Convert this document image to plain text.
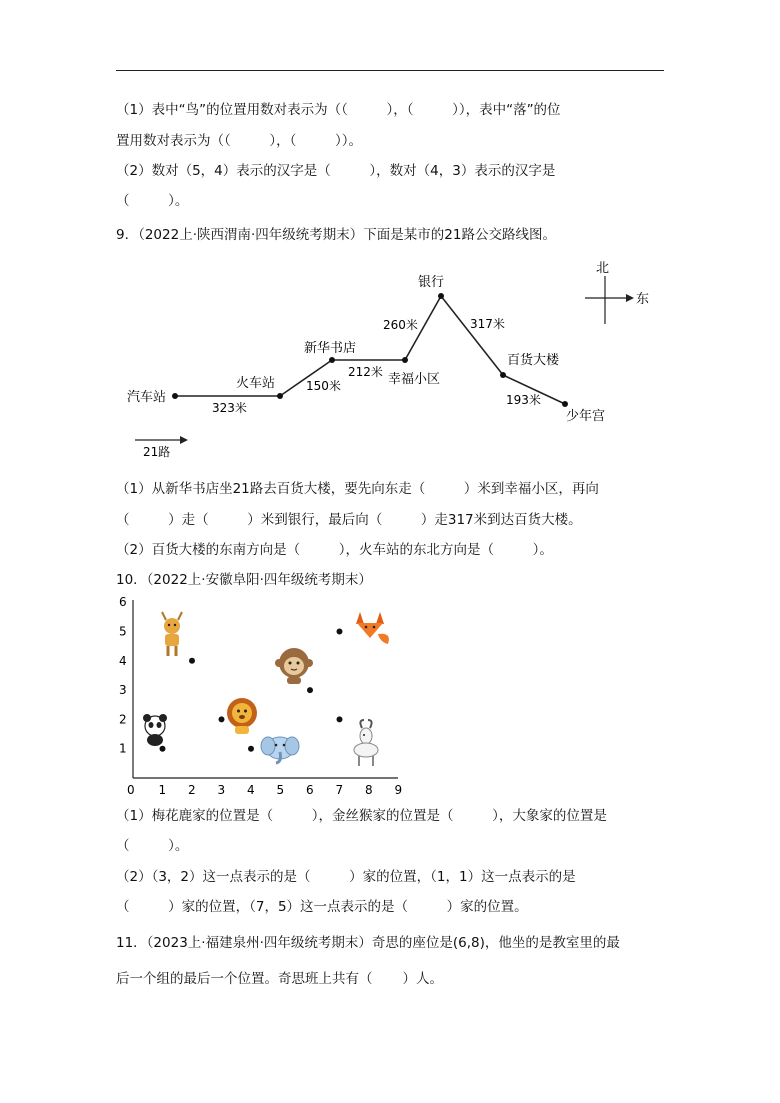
（1）表中“鸟”的位置用数对表示为（（         ），（         ）），表中“落”的位
置用数对表示为（（         ），（         ））。
（2）数对（5，4）表示的汉字是（         ），数对（4，3）表示的汉字是
（         ）。
9．（2022上·陕西渭南·四年级统考期末）下面是某市的21路公交路线图。
汽车站
火车站
新华书店
幸福小区
银行
百货大楼
少年宫
323米
150米
212米
260米	317米
193米
北
东
21路
（1）从新华书店坐21路去百货大楼，要先向东走（         ）米到幸福小区，再向
（         ）走（         ）米到银行，最后向（         ）走317米到达百货大楼。
（2）百货大楼的东南方向是（         ），火车站的东北方向是（         ）。
10．（2022上·安徽阜阳·四年级统考期末）
0 1 2 3 4 5 6 7 8 9
1
2
3
4
5
6
（1）梅花鹿家的位置是（         ），金丝猴家的位置是（         ），大象家的位置是
（         ）。
（2）（3，2）这一点表示的是（         ）家的位置，（1，1）这一点表示的是
（         ）家的位置，（7，5）这一点表示的是（         ）家的位置。
11．（2023上·福建泉州·四年级统考期末）奇思的座位是(6,8)，他坐的是教室里的最
后一个组的最后一个位置。奇思班上共有（       ）人。
